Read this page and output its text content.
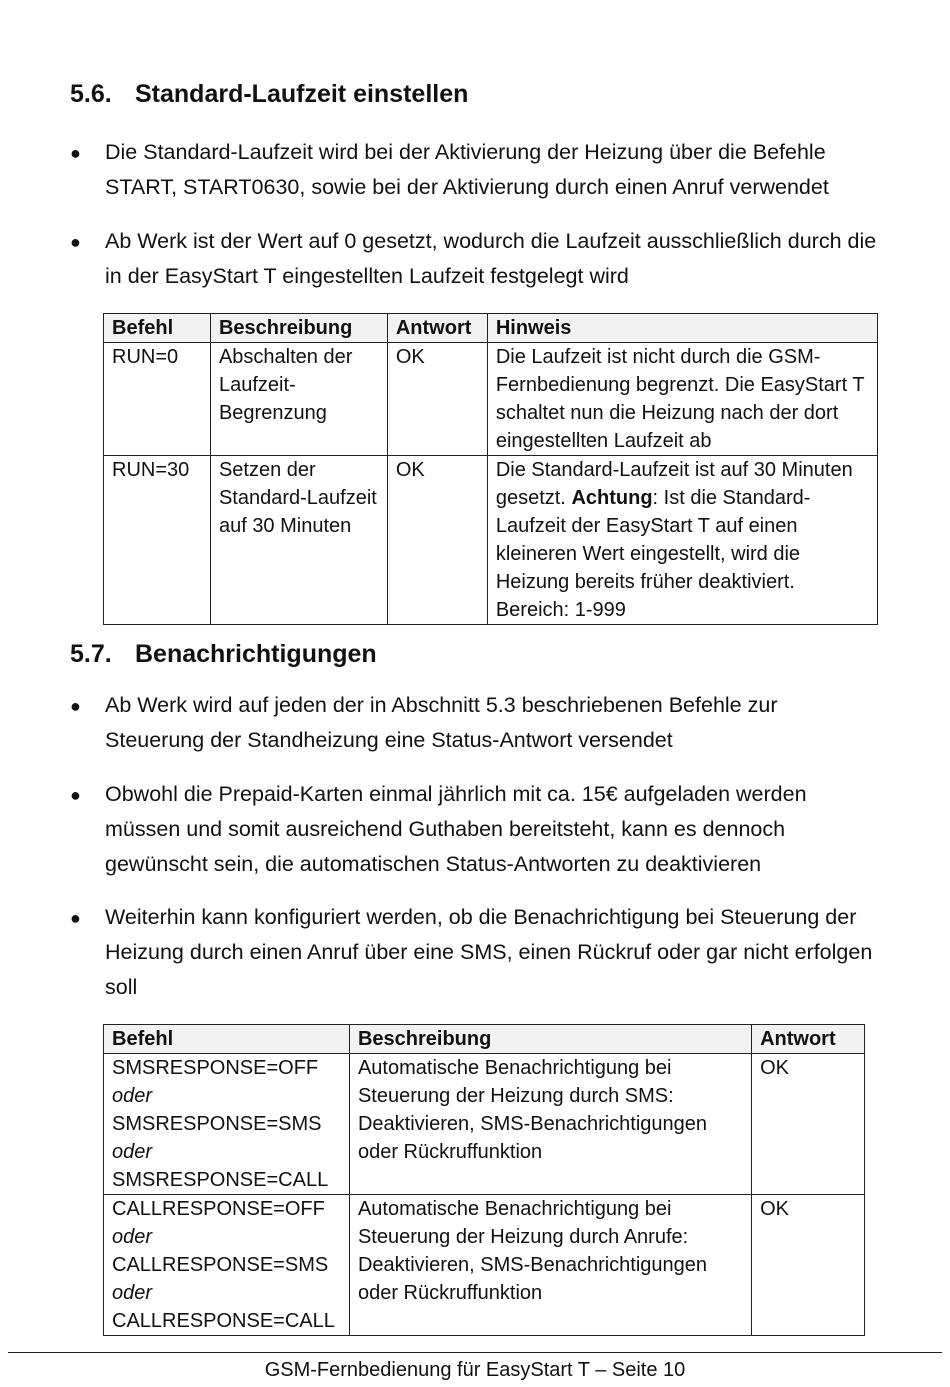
5.6. Standard-Laufzeit einstellen
● Die Standard-Laufzeit wird bei der Aktivierung der Heizung über die Befehle START, START0630, sowie bei der Aktivierung durch einen Anruf verwendet
● Ab Werk ist der Wert auf 0 gesetzt, wodurch die Laufzeit ausschließlich durch die in der EasyStart T eingestellten Laufzeit festgelegt wird
Befehl	Beschreibung	Antwort	Hinweis
RUN=0	Abschalten der Laufzeit-Begrenzung	OK	Die Laufzeit ist nicht durch die GSM-Fernbedienung begrenzt. Die EasyStart T schaltet nun die Heizung nach der dort eingestellten Laufzeit ab
RUN=30	Setzen der Standard-Laufzeit auf 30 Minuten	OK	Die Standard-Laufzeit ist auf 30 Minuten gesetzt. Achtung: Ist die Standard-Laufzeit der EasyStart T auf einen kleineren Wert eingestellt, wird die Heizung bereits früher deaktiviert.
Bereich: 1-999
5.7. Benachrichtigungen
● Ab Werk wird auf jeden der in Abschnitt 5.3 beschriebenen Befehle zur Steuerung der Standheizung eine Status-Antwort versendet
● Obwohl die Prepaid-Karten einmal jährlich mit ca. 15€ aufgeladen werden müssen und somit ausreichend Guthaben bereitsteht, kann es dennoch gewünscht sein, die automatischen Status-Antworten zu deaktivieren
● Weiterhin kann konfiguriert werden, ob die Benachrichtigung bei Steuerung der Heizung durch einen Anruf über eine SMS, einen Rückruf oder gar nicht erfolgen soll
Befehl	Beschreibung	Antwort

SMSRESPONSE=OFF
oder
SMSRESPONSE=SMS
oder
SMSRESPONSE=CALL	Automatische Benachrichtigung bei Steuerung der Heizung durch SMS: Deaktivieren, SMS-Benachrichtigungen oder Rückruffunktion	OK

CALLRESPONSE=OFF
oder
CALLRESPONSE=SMS
oder
CALLRESPONSE=CALL	Automatische Benachrichtigung bei Steuerung der Heizung durch Anrufe: Deaktivieren, SMS-Benachrichtigungen oder Rückruffunktion	OK
GSM-Fernbedienung für EasyStart T – Seite 10
